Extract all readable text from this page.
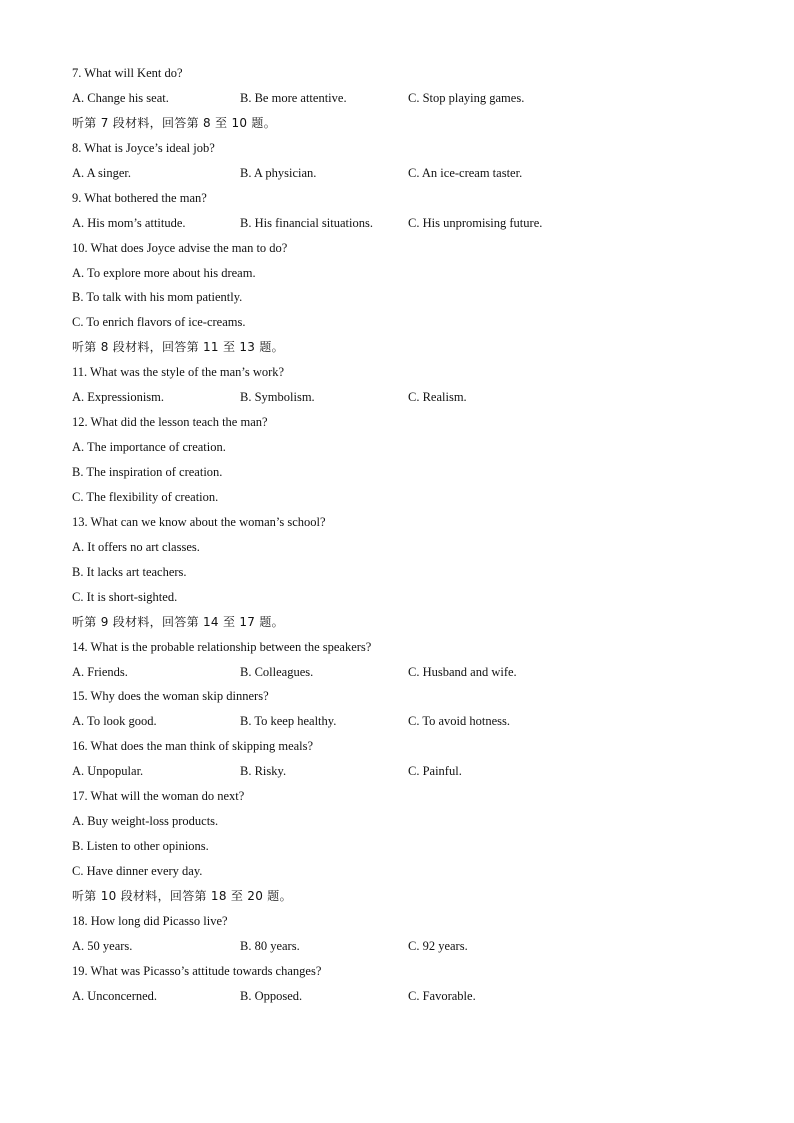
7. What will Kent do?
A. Change his seat.	B. Be more attentive.	C. Stop playing games.
听第 7 段材料，回答第 8 至 10 题。
8. What is Joyce’s ideal job?
A. A singer.	B. A physician.	C. An ice-cream taster.
9. What bothered the man?
A. His mom’s attitude.	B. His financial situations.	C. His unpromising future.
10. What does Joyce advise the man to do?
A. To explore more about his dream.
B. To talk with his mom patiently.
C. To enrich flavors of ice-creams.
听第 8 段材料，回答第 11 至 13 题。
11. What was the style of the man’s work?
A. Expressionism.	B. Symbolism.	C. Realism.
12. What did the lesson teach the man?
A. The importance of creation.
B. The inspiration of creation.
C. The flexibility of creation.
13. What can we know about the woman’s school?
A. It offers no art classes.
B. It lacks art teachers.
C. It is short-sighted.
听第 9 段材料，回答第 14 至 17 题。
14. What is the probable relationship between the speakers?
A. Friends.	B. Colleagues.	C. Husband and wife.
15. Why does the woman skip dinners?
A. To look good.	B. To keep healthy.	C. To avoid hotness.
16. What does the man think of skipping meals?
A. Unpopular.	B. Risky.	C. Painful.
17. What will the woman do next?
A. Buy weight-loss products.
B. Listen to other opinions.
C. Have dinner every day.
听第 10 段材料，回答第 18 至 20 题。
18. How long did Picasso live?
A. 50 years.	B. 80 years.	C. 92 years.
19. What was Picasso’s attitude towards changes?
A. Unconcerned.	B. Opposed.	C. Favorable.
